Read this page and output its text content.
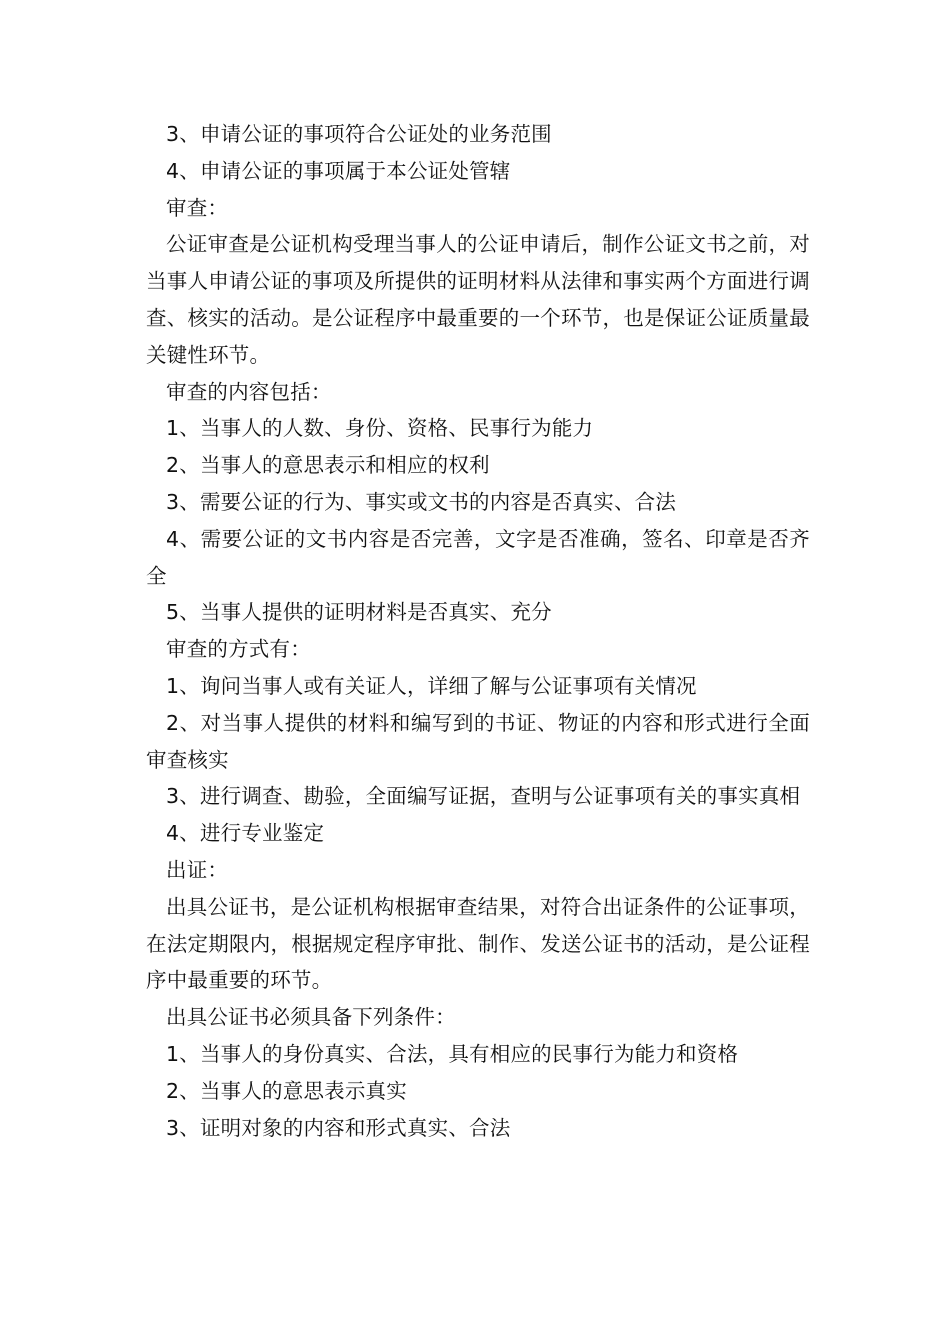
3、申请公证的事项符合公证处的业务范围

4、申请公证的事项属于本公证处管辖

审查：

公证审查是公证机构受理当事人的公证申请后，制作公证文书之前，对当事人申请公证的事项及所提供的证明材料从法律和事实两个方面进行调查、核实的活动。是公证程序中最重要的一个环节，也是保证公证质量最关键性环节。

审查的内容包括：

1、当事人的人数、身份、资格、民事行为能力

2、当事人的意思表示和相应的权利

3、需要公证的行为、事实或文书的内容是否真实、合法

4、需要公证的文书内容是否完善，文字是否准确，签名、印章是否齐全

5、当事人提供的证明材料是否真实、充分

审查的方式有：

1、询问当事人或有关证人，详细了解与公证事项有关情况

2、对当事人提供的材料和编写到的书证、物证的内容和形式进行全面审查核实

3、进行调查、勘验，全面编写证据，查明与公证事项有关的事实真相

4、进行专业鉴定

出证：

出具公证书，是公证机构根据审查结果，对符合出证条件的公证事项，在法定期限内，根据规定程序审批、制作、发送公证书的活动，是公证程序中最重要的环节。

出具公证书必须具备下列条件：

1、当事人的身份真实、合法，具有相应的民事行为能力和资格

2、当事人的意思表示真实

3、证明对象的内容和形式真实、合法
